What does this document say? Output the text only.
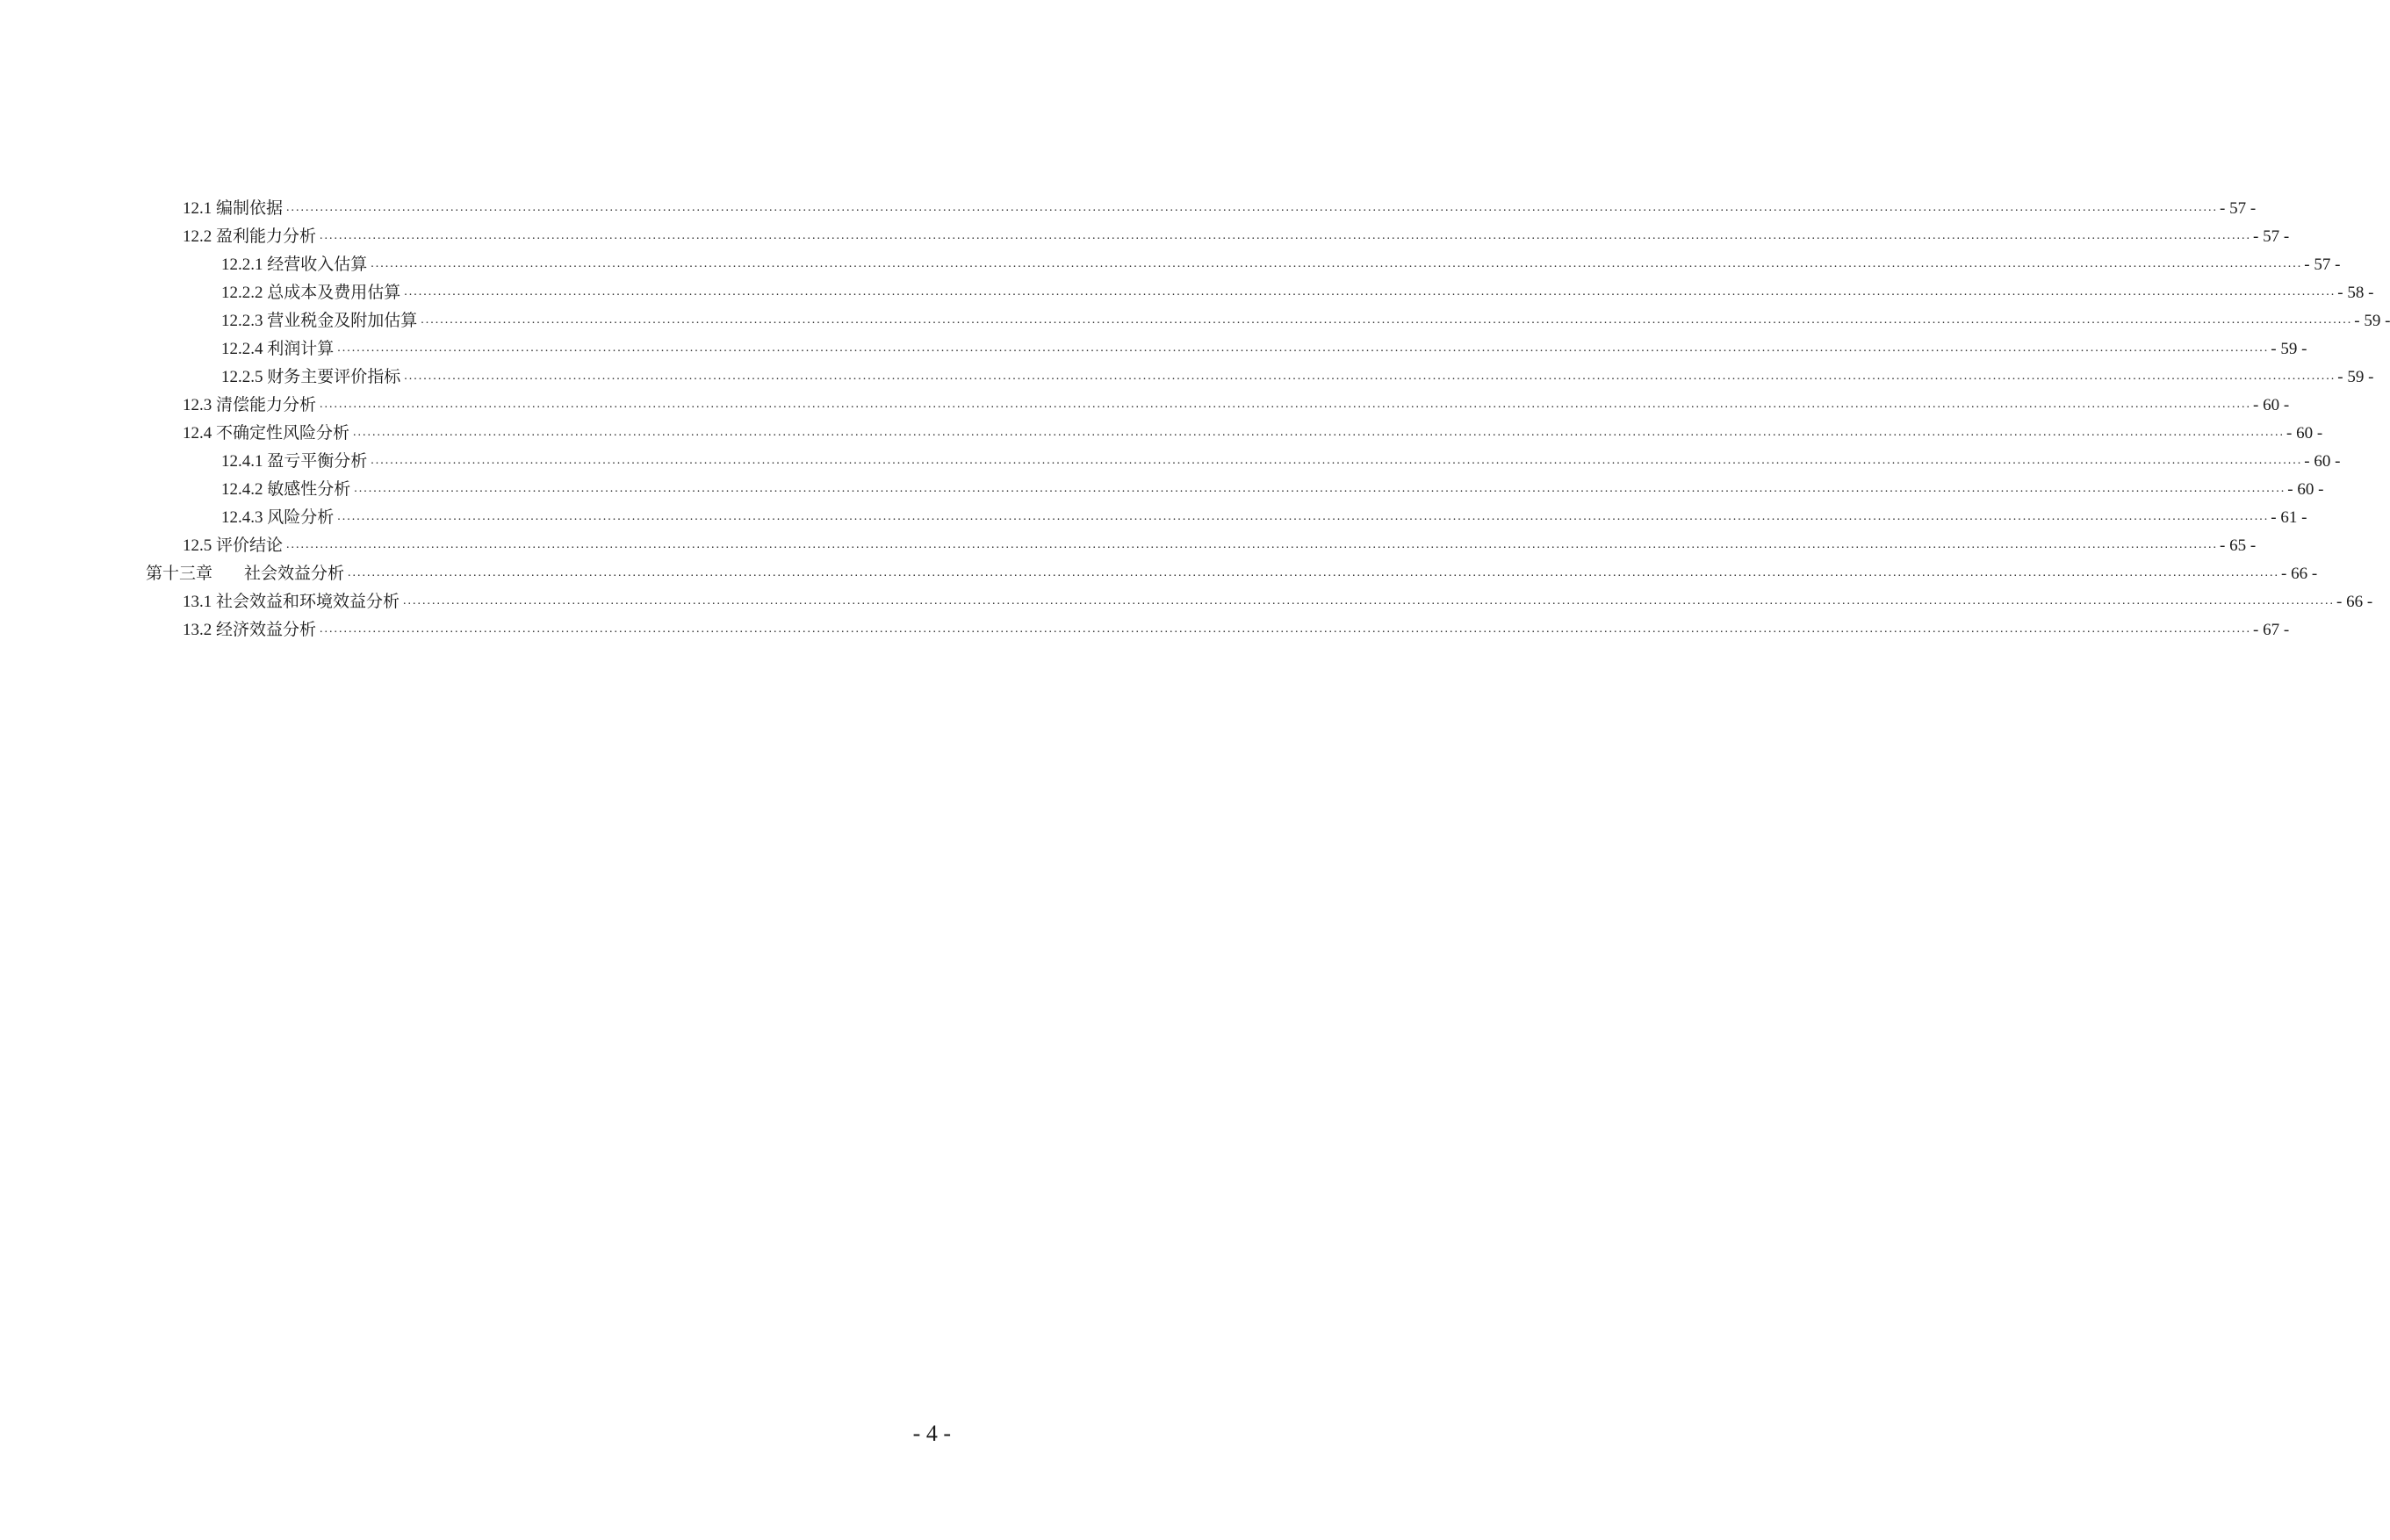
12.1 编制依据 ................................................................................................................................................................................................................................................................................................................................................................................................................ - 57 -
12.2 盈利能力分析 ................................................................................................................................................................................................................................................................................................................................................................................................................ - 57 -
12.2.1 经营收入估算 ................................................................................................................................................................................................................................................................................................................................................................................................................ - 57 -
12.2.2 总成本及费用估算 ................................................................................................................................................................................................................................................................................................................................................................................................................ - 58 -
12.2.3 营业税金及附加估算 ................................................................................................................................................................................................................................................................................................................................................................................................................ - 59 -
12.2.4 利润计算 ................................................................................................................................................................................................................................................................................................................................................................................................................ - 59 -
12.2.5 财务主要评价指标 ................................................................................................................................................................................................................................................................................................................................................................................................................ - 59 -
12.3 清偿能力分析 ................................................................................................................................................................................................................................................................................................................................................................................................................ - 60 -
12.4 不确定性风险分析 ................................................................................................................................................................................................................................................................................................................................................................................................................ - 60 -
12.4.1 盈亏平衡分析 ................................................................................................................................................................................................................................................................................................................................................................................................................ - 60 -
12.4.2 敏感性分析 ................................................................................................................................................................................................................................................................................................................................................................................................................ - 60 -
12.4.3 风险分析 ................................................................................................................................................................................................................................................................................................................................................................................................................ - 61 -
12.5 评价结论 ................................................................................................................................................................................................................................................................................................................................................................................................................ - 65 -
第十三章 社会效益分析 ................................................................................................................................................................................................................................................................................................................................................................................................................ - 66 -
13.1 社会效益和环境效益分析 ................................................................................................................................................................................................................................................................................................................................................................................................................ - 66 -
13.2 经济效益分析 ................................................................................................................................................................................................................................................................................................................................................................................................................ - 67 -
- 4 -
